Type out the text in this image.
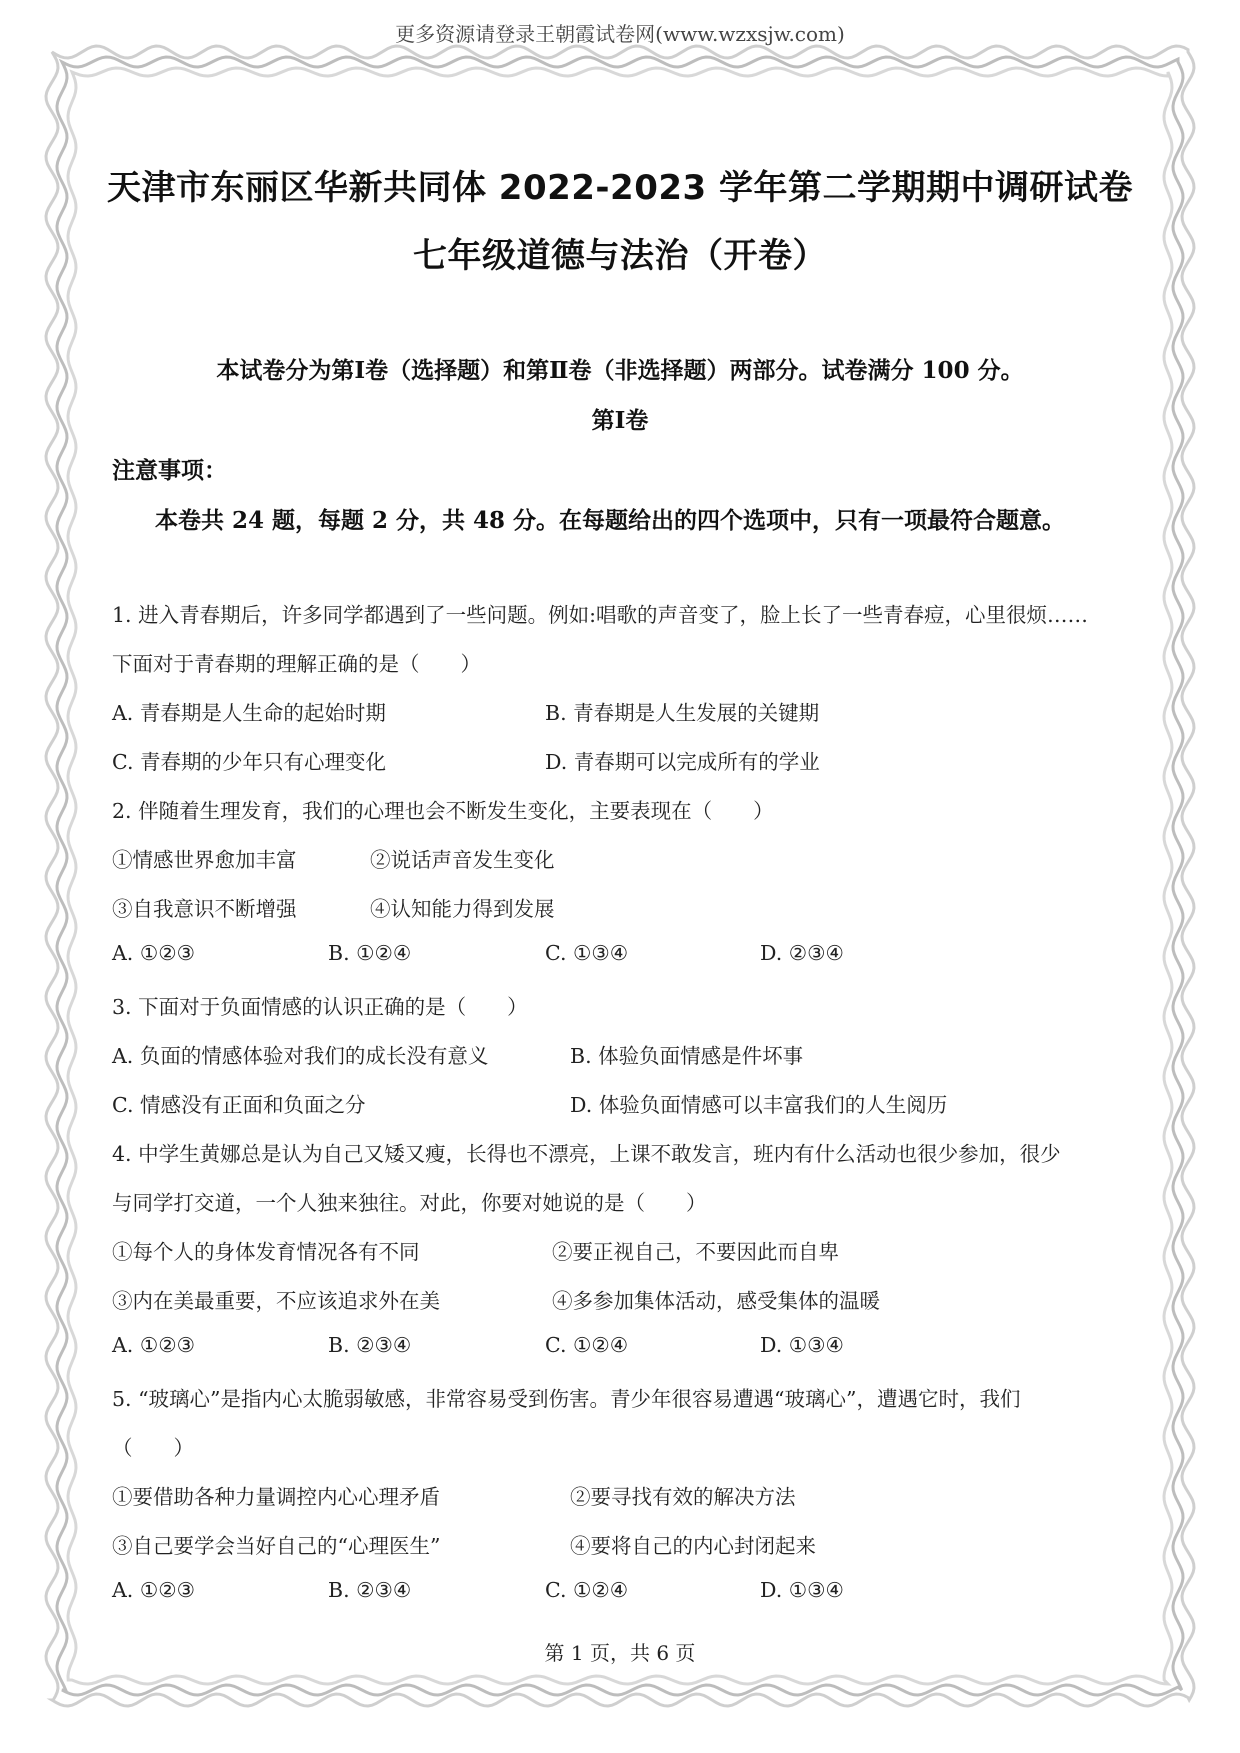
更多资源请登录王朝霞试卷网(www.wzxsjw.com)
天津市东丽区华新共同体 2022-2023 学年第二学期期中调研试卷
七年级道德与法治（开卷）
本试卷分为第Ⅰ卷（选择题）和第Ⅱ卷（非选择题）两部分。试卷满分 100 分。
第Ⅰ卷
注意事项：
本卷共 24 题，每题 2 分，共 48 分。在每题给出的四个选项中，只有一项最符合题意。
1. 进入青春期后，许多同学都遇到了一些问题。例如:唱歌的声音变了，脸上长了一些青春痘，心里很烦……
下面对于青春期的理解正确的是（　　）
A. 青春期是人生命的起始时期	B. 青春期是人生发展的关键期
C. 青春期的少年只有心理变化	D. 青春期可以完成所有的学业
2. 伴随着生理发育，我们的心理也会不断发生变化，主要表现在（　　）
①情感世界愈加丰富	②说话声音发生变化
③自我意识不断增强	④认知能力得到发展
A. ①②③	B. ①②④	C. ①③④	D. ②③④
3. 下面对于负面情感的认识正确的是（　　）
A. 负面的情感体验对我们的成长没有意义	B. 体验负面情感是件坏事
C. 情感没有正面和负面之分	D. 体验负面情感可以丰富我们的人生阅历
4. 中学生黄娜总是认为自己又矮又瘦，长得也不漂亮，上课不敢发言，班内有什么活动也很少参加，很少
与同学打交道，一个人独来独往。对此，你要对她说的是（　　）
①每个人的身体发育情况各有不同	②要正视自己，不要因此而自卑
③内在美最重要，不应该追求外在美	④多参加集体活动，感受集体的温暖
A. ①②③	B. ②③④	C. ①②④	D. ①③④
5. “玻璃心”是指内心太脆弱敏感，非常容易受到伤害。青少年很容易遭遇“玻璃心”，遭遇它时，我们
（　　）
①要借助各种力量调控内心心理矛盾	②要寻找有效的解决方法
③自己要学会当好自己的“心理医生”	④要将自己的内心封闭起来
A. ①②③	B. ②③④	C. ①②④	D. ①③④
第 1 页，共 6 页
